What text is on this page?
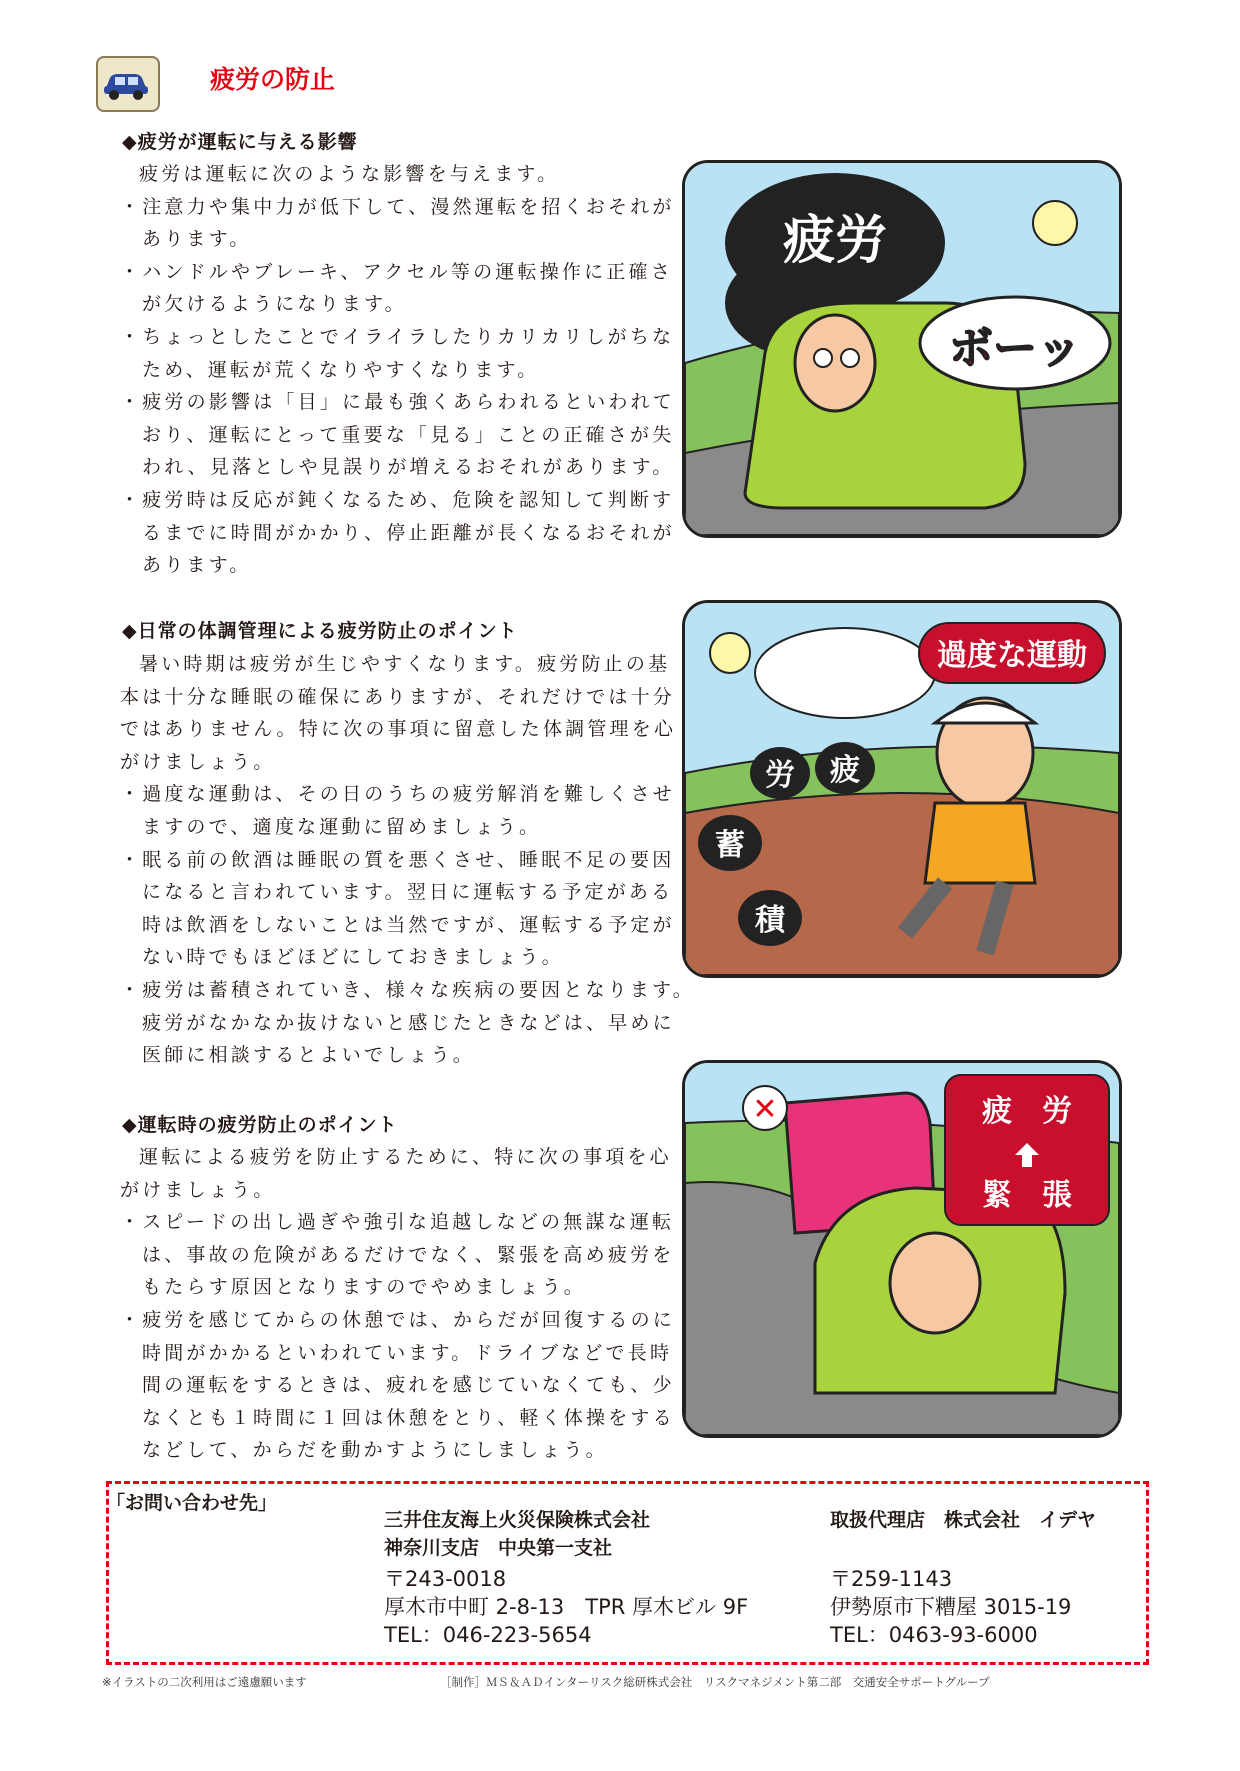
疲労の防止
◆疲労が運転に与える影響

疲労は運転に次のような影響を与えます。

・注意力や集中力が低下して、漫然運転を招くおそれが
あります。

・ハンドルやブレーキ、アクセル等の運転操作に正確さ
が欠けるようになります。

・ちょっとしたことでイライラしたりカリカリしがちな
ため、運転が荒くなりやすくなります。

・疲労の影響は「目」に最も強くあらわれるといわれて
おり、運転にとって重要な「見る」ことの正確さが失
われ、見落としや見誤りが増えるおそれがあります。

・疲労時は反応が鈍くなるため、危険を認知して判断す
るまでに時間がかかり、停止距離が長くなるおそれが
あります。

◆日常の体調管理による疲労防止のポイント

暑い時期は疲労が生じやすくなります。疲労防止の基

本は十分な睡眠の確保にありますが、それだけでは十分

ではありません。特に次の事項に留意した体調管理を心

がけましょう。

・過度な運動は、その日のうちの疲労解消を難しくさせ
ますので、適度な運動に留めましょう。

・眠る前の飲酒は睡眠の質を悪くさせ、睡眠不足の要因
になると言われています。翌日に運転する予定がある
時は飲酒をしないことは当然ですが、運転する予定が
ない時でもほどほどにしておきましょう。

・疲労は蓄積されていき、様々な疾病の要因となります。
疲労がなかなか抜けないと感じたときなどは、早めに
医師に相談するとよいでしょう。

◆運転時の疲労防止のポイント

運転による疲労を防止するために、特に次の事項を心

がけましょう。

・スピードの出し過ぎや強引な追越しなどの無謀な運転
は、事故の危険があるだけでなく、緊張を高め疲労を
もたらす原因となりますのでやめましょう。

・疲労を感じてからの休憩では、からだが回復するのに
時間がかかるといわれています。ドライブなどで長時
間の運転をするときは、疲れを感じていなくても、少
なくとも１時間に１回は休憩をとり、軽く体操をする
などして、からだを動かすようにしましょう。

疲労
ボーッ
過度な運動
労 疲
蓄
積
✕	疲　労
緊　張
「お問い合わせ先」
三井住友海上火災保険株式会社
神奈川支店　中央第一支社
〒243-0018
厚木市中町 2-8-13　TPR 厚木ビル 9F
TEL：046-223-5654
取扱代理店　株式会社　イデヤ
〒259-1143
伊勢原市下糟屋 3015-19
TEL：0463-93-6000
※イラストの二次利用はご遠慮願います	［制作］ＭＳ＆ＡＤインターリスク総研株式会社　リスクマネジメント第二部　交通安全サポートグループ
